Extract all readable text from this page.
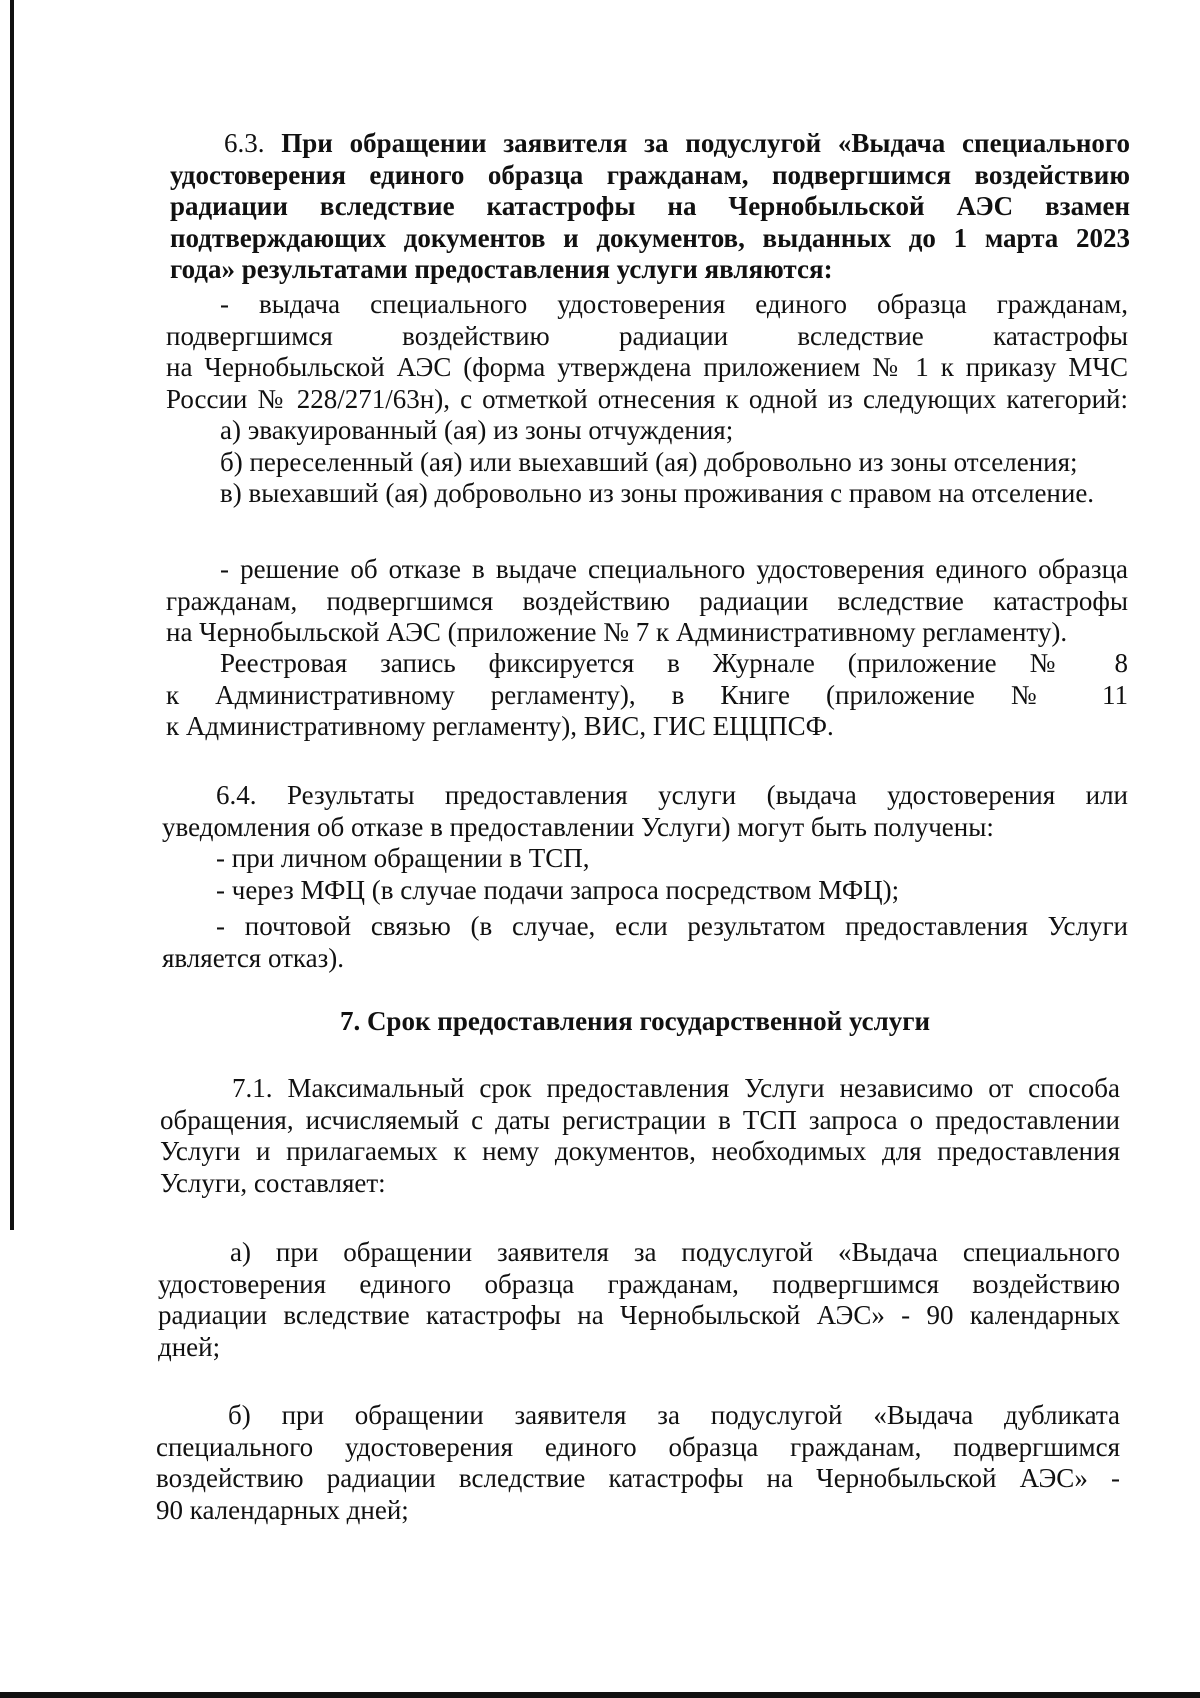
6.3. При обращении заявителя за подуслугой «Выдача специального
удостоверения единого образца гражданам, подвергшимся воздействию
радиации вследствие катастрофы на Чернобыльской АЭС взамен
подтверждающих документов и документов, выданных до 1 марта 2023
года» результатами предоставления услуги являются:
- выдача специального удостоверения единого образца гражданам,
подвергшимся воздействию радиации вследствие катастрофы
на Чернобыльской АЭС (форма утверждена приложением № 1 к приказу МЧС
России № 228/271/63н), с отметкой отнесения к одной из следующих категорий:
а) эвакуированный (ая) из зоны отчуждения;
б) переселенный (ая) или выехавший (ая) добровольно из зоны отселения;
в) выехавший (ая) добровольно из зоны проживания с правом на отселение.
- решение об отказе в выдаче специального удостоверения единого образца
гражданам, подвергшимся воздействию радиации вследствие катастрофы
на Чернобыльской АЭС (приложение № 7 к Административному регламенту).
Реестровая запись фиксируется в Журнале (приложение № 8
к Административному регламенту), в Книге (приложение № 11
к Административному регламенту), ВИС, ГИС ЕЦЦПСФ.
6.4. Результаты предоставления услуги (выдача удостоверения или
уведомления об отказе в предоставлении Услуги) могут быть получены:
- при личном обращении в ТСП,
- через МФЦ (в случае подачи запроса посредством МФЦ);
- почтовой связью (в случае, если результатом предоставления Услуги
является отказ).
7. Срок предоставления государственной услуги
7.1. Максимальный срок предоставления Услуги независимо от способа
обращения, исчисляемый с даты регистрации в ТСП запроса о предоставлении
Услуги и прилагаемых к нему документов, необходимых для предоставления
Услуги, составляет:
а) при обращении заявителя за подуслугой «Выдача специального
удостоверения единого образца гражданам, подвергшимся воздействию
радиации вследствие катастрофы на Чернобыльской АЭС» - 90 календарных
дней;
б) при обращении заявителя за подуслугой «Выдача дубликата
специального удостоверения единого образца гражданам, подвергшимся
воздействию радиации вследствие катастрофы на Чернобыльской АЭС» -
90 календарных дней;
